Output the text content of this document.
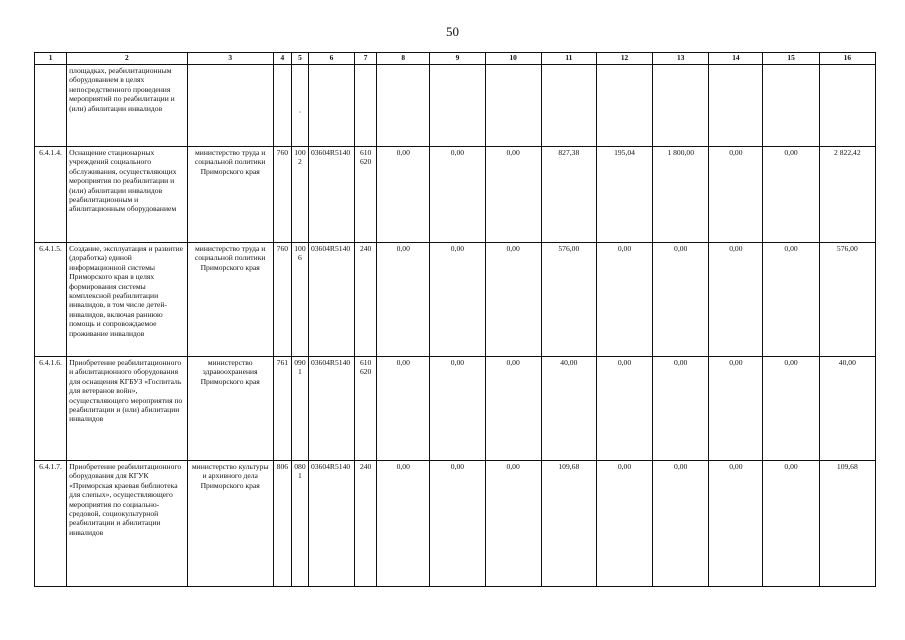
50
1	2	3	4	5	6	7	8	9	10	11	12	13	14	15	16
	площадках, реабилитационным оборудованием в целях непосредственного проведения мероприятий по реабилитации и (или) абилитации инвалидов			·											

6.4.1.4.	Оснащение стационарных учреждений социального обслуживания, осуществляющих мероприятия по реабилитации и (или) абилитации инвалидов реабилитационным и абилитационным оборудованием	министерство труда и социальной политики Приморского края	760	1002	03604R5140	610 620	0,00	0,00	0,00	827,38	195,04	1 800,00	0,00	0,00	2 822,42
6.4.1.5.	Создание, эксплуатация и развитие (доработка) единой информационной системы Приморского края в целях формирования системы комплексной реабилитации инвалидов, в том числе детей-инвалидов, включая раннюю помощь и сопровождаемое проживание инвалидов	министерство труда и социальной политики Приморского края	760	1006	03604R5140	240	0,00	0,00	0,00	576,00	0,00	0,00	0,00	0,00	576,00
6.4.1.6.	Приобретение реабилитационного и абилитационного оборудования для оснащения КГБУЗ «Госпиталь для ветеранов войн», осуществляющего мероприятия по реабилитации и (или) абилитации инвалидов	министерство здравоохранения Приморского края	761	0901	03604R5140	610 620	0,00	0,00	0,00	40,00	0,00	0,00	0,00	0,00	40,00
6.4.1.7.	Приобретение реабилитационного оборудования для КГУК «Приморская краевая библиотека для слепых», осуществляющего мероприятия по социально-средовой, социокультурной реабилитации и абилитации инвалидов	министерство культуры и архивного дела Приморского края	806	0801	03604R5140	240	0,00	0,00	0,00	109,68	0,00	0,00	0,00	0,00	109,68
